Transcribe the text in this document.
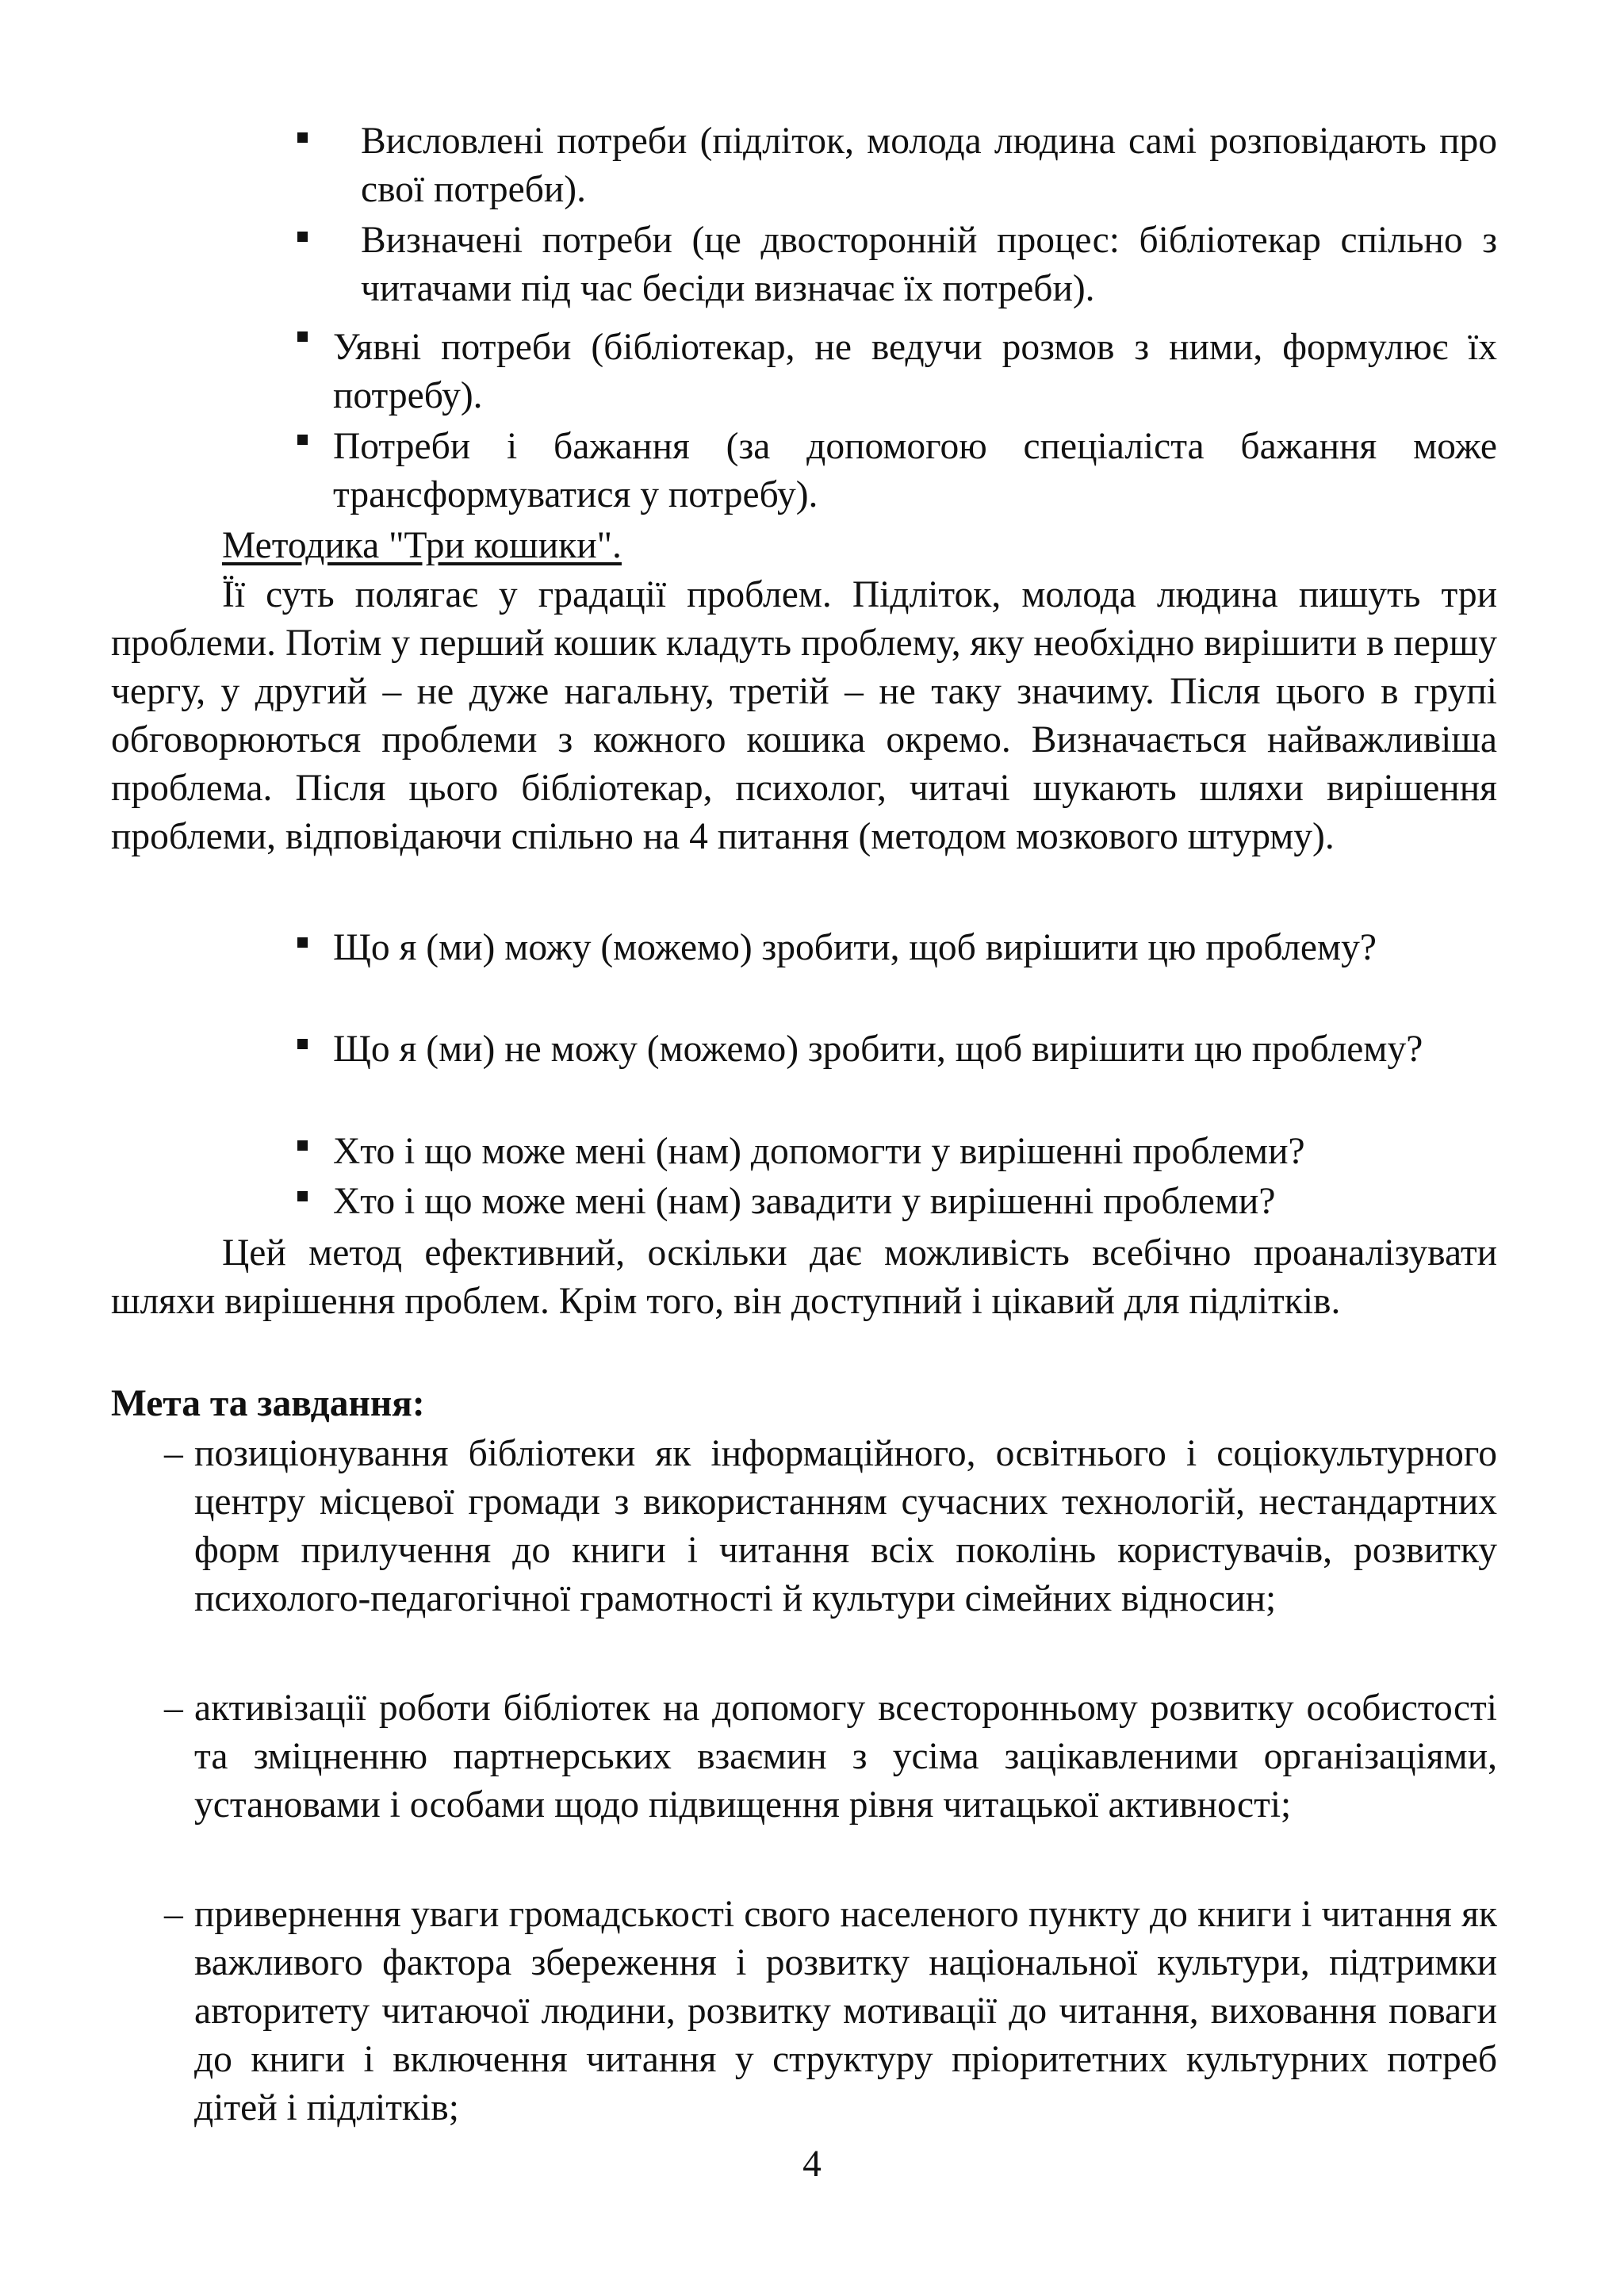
Висловлені потреби (підліток, молода людина самі розповідають про свої потреби).

Визначені потреби (це двосторонній процес: бібліотекар спільно з читачами під час бесіди визначає їх потреби).

Уявні потреби (бібліотекар, не ведучи розмов з ними, формулює їх потребу).

Потреби і бажання (за допомогою спеціаліста бажання може трансформуватися у потребу).

Методика "Три кошики".

Її суть полягає у градації проблем. Підліток, молода людина пишуть три проблеми. Потім у перший кошик кладуть проблему, яку необхідно вирішити в першу чергу, у другий – не дуже нагальну, третій – не таку значиму. Після цього в групі обговорюються проблеми з кожного кошика окремо. Визначається найважливіша проблема. Після цього бібліотекар, психолог, читачі шукають шляхи вирішення проблеми, відповідаючи спільно на 4 питання (методом мозкового штурму).

Що я (ми) можу (можемо) зробити, щоб вирішити цю проблему?

Що я (ми) не можу (можемо) зробити, щоб вирішити цю проблему?

Хто і що може мені (нам) допомогти у вирішенні проблеми?

Хто і що може мені (нам) завадити у вирішенні проблеми?

Цей метод ефективний, оскільки дає можливість всебічно проаналізувати шляхи вирішення проблем. Крім того, він доступний і цікавий для підлітків.

Мета та завдання:

– позиціонування бібліотеки як інформаційного, освітнього і соціокультурного центру місцевої громади з використанням сучасних технологій, нестандартних форм прилучення до книги і читання всіх поколінь користувачів, розвитку психолого-педагогічної грамотності й культури сімейних відносин;

– активізації роботи бібліотек на допомогу всесторонньому розвитку особистості та зміцненню партнерських взаємин з усіма зацікавленими організаціями, установами і особами щодо підвищення рівня читацької активності;

– привернення уваги громадськості свого населеного пункту до книги і читання як важливого фактора збереження і розвитку національної культури, підтримки авторитету читаючої людини, розвитку мотивації до читання, виховання поваги до книги і включення читання у структуру пріоритетних культурних потреб дітей і підлітків;

4
